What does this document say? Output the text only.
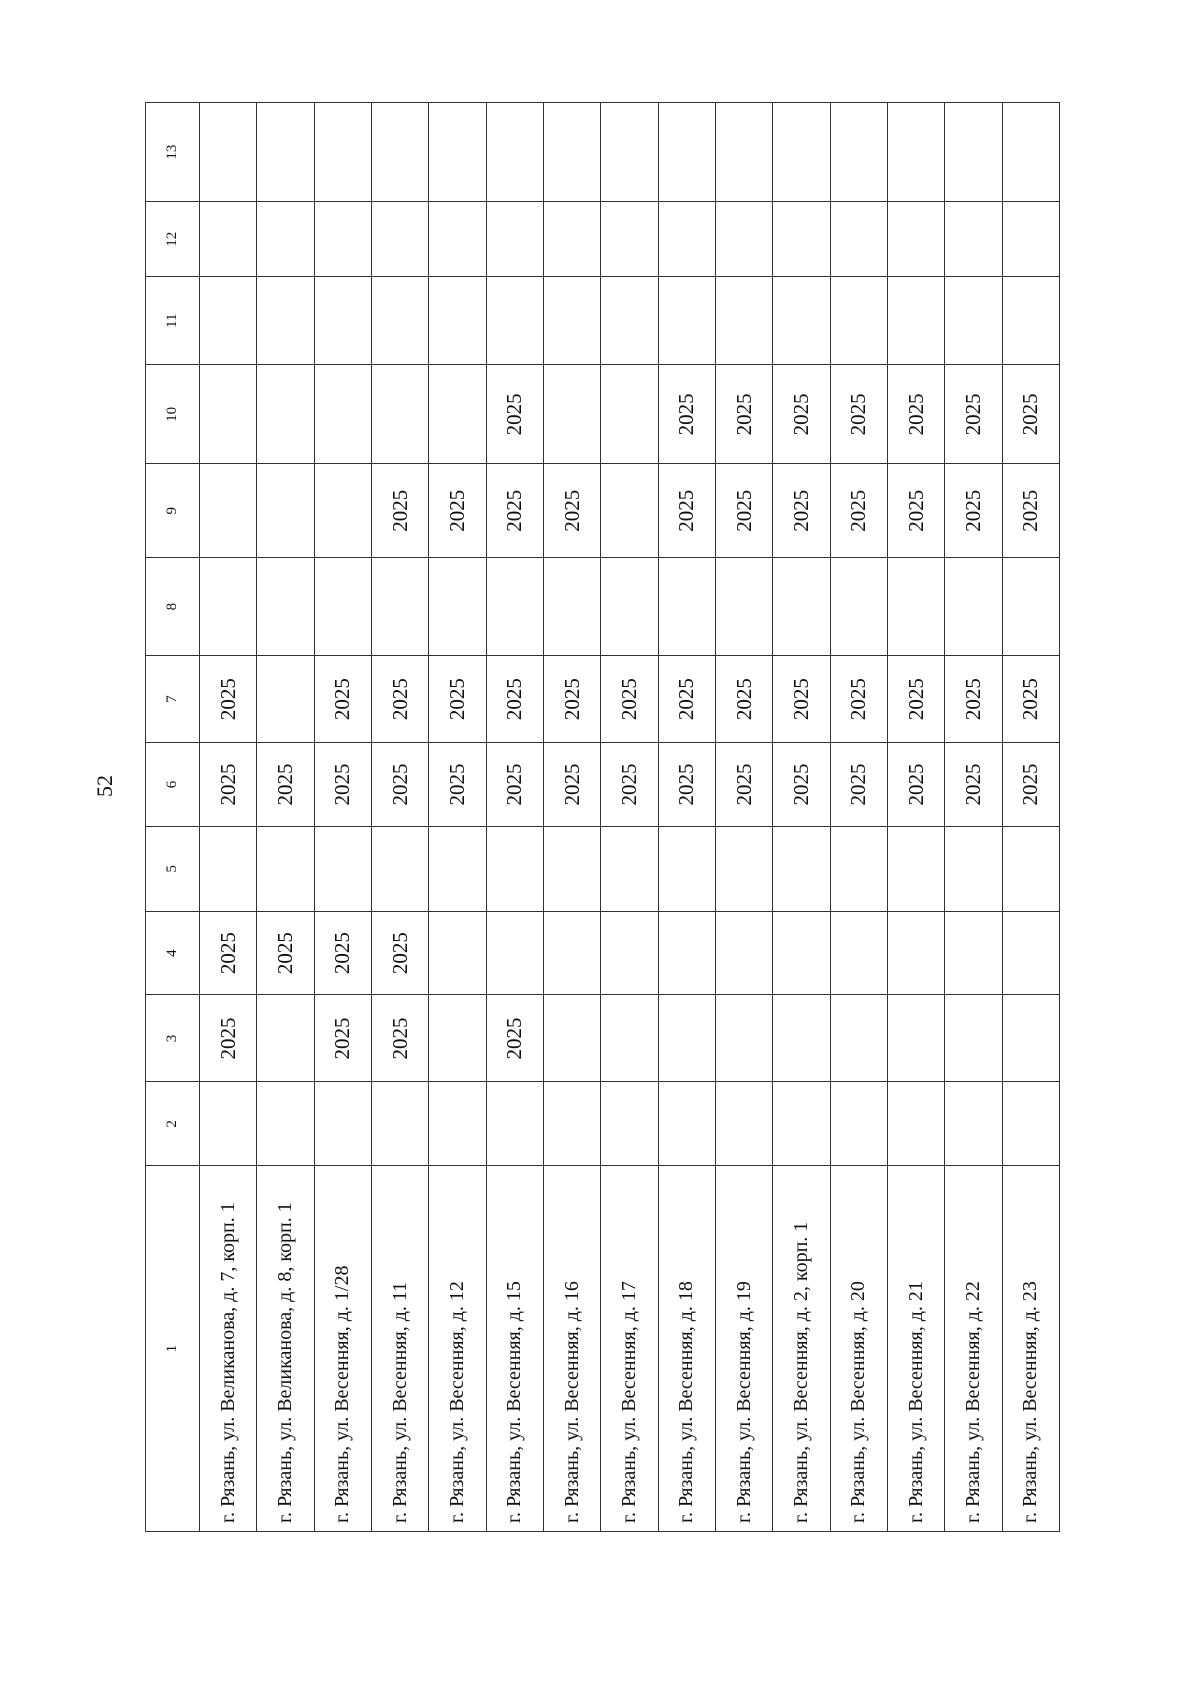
52
1	2	3	4	5	6	7	8	9	10	11	12	13
г. Рязань, ул. Великанова, д. 7, корп. 1		2025	2025		2025	2025						
г. Рязань, ул. Великанова, д. 8, корп. 1			2025		2025							
г. Рязань, ул. Весенняя, д. 1/28		2025	2025		2025	2025						
г. Рязань, ул. Весенняя, д. 11		2025	2025		2025	2025		2025				
г. Рязань, ул. Весенняя, д. 12					2025	2025		2025				
г. Рязань, ул. Весенняя, д. 15		2025			2025	2025		2025	2025			
г. Рязань, ул. Весенняя, д. 16					2025	2025		2025				
г. Рязань, ул. Весенняя, д. 17					2025	2025						
г. Рязань, ул. Весенняя, д. 18					2025	2025		2025	2025			
г. Рязань, ул. Весенняя, д. 19					2025	2025		2025	2025			
г. Рязань, ул. Весенняя, д. 2, корп. 1					2025	2025		2025	2025			
г. Рязань, ул. Весенняя, д. 20					2025	2025		2025	2025			
г. Рязань, ул. Весенняя, д. 21					2025	2025		2025	2025			
г. Рязань, ул. Весенняя, д. 22					2025	2025		2025	2025			
г. Рязань, ул. Весенняя, д. 23					2025	2025		2025	2025			
